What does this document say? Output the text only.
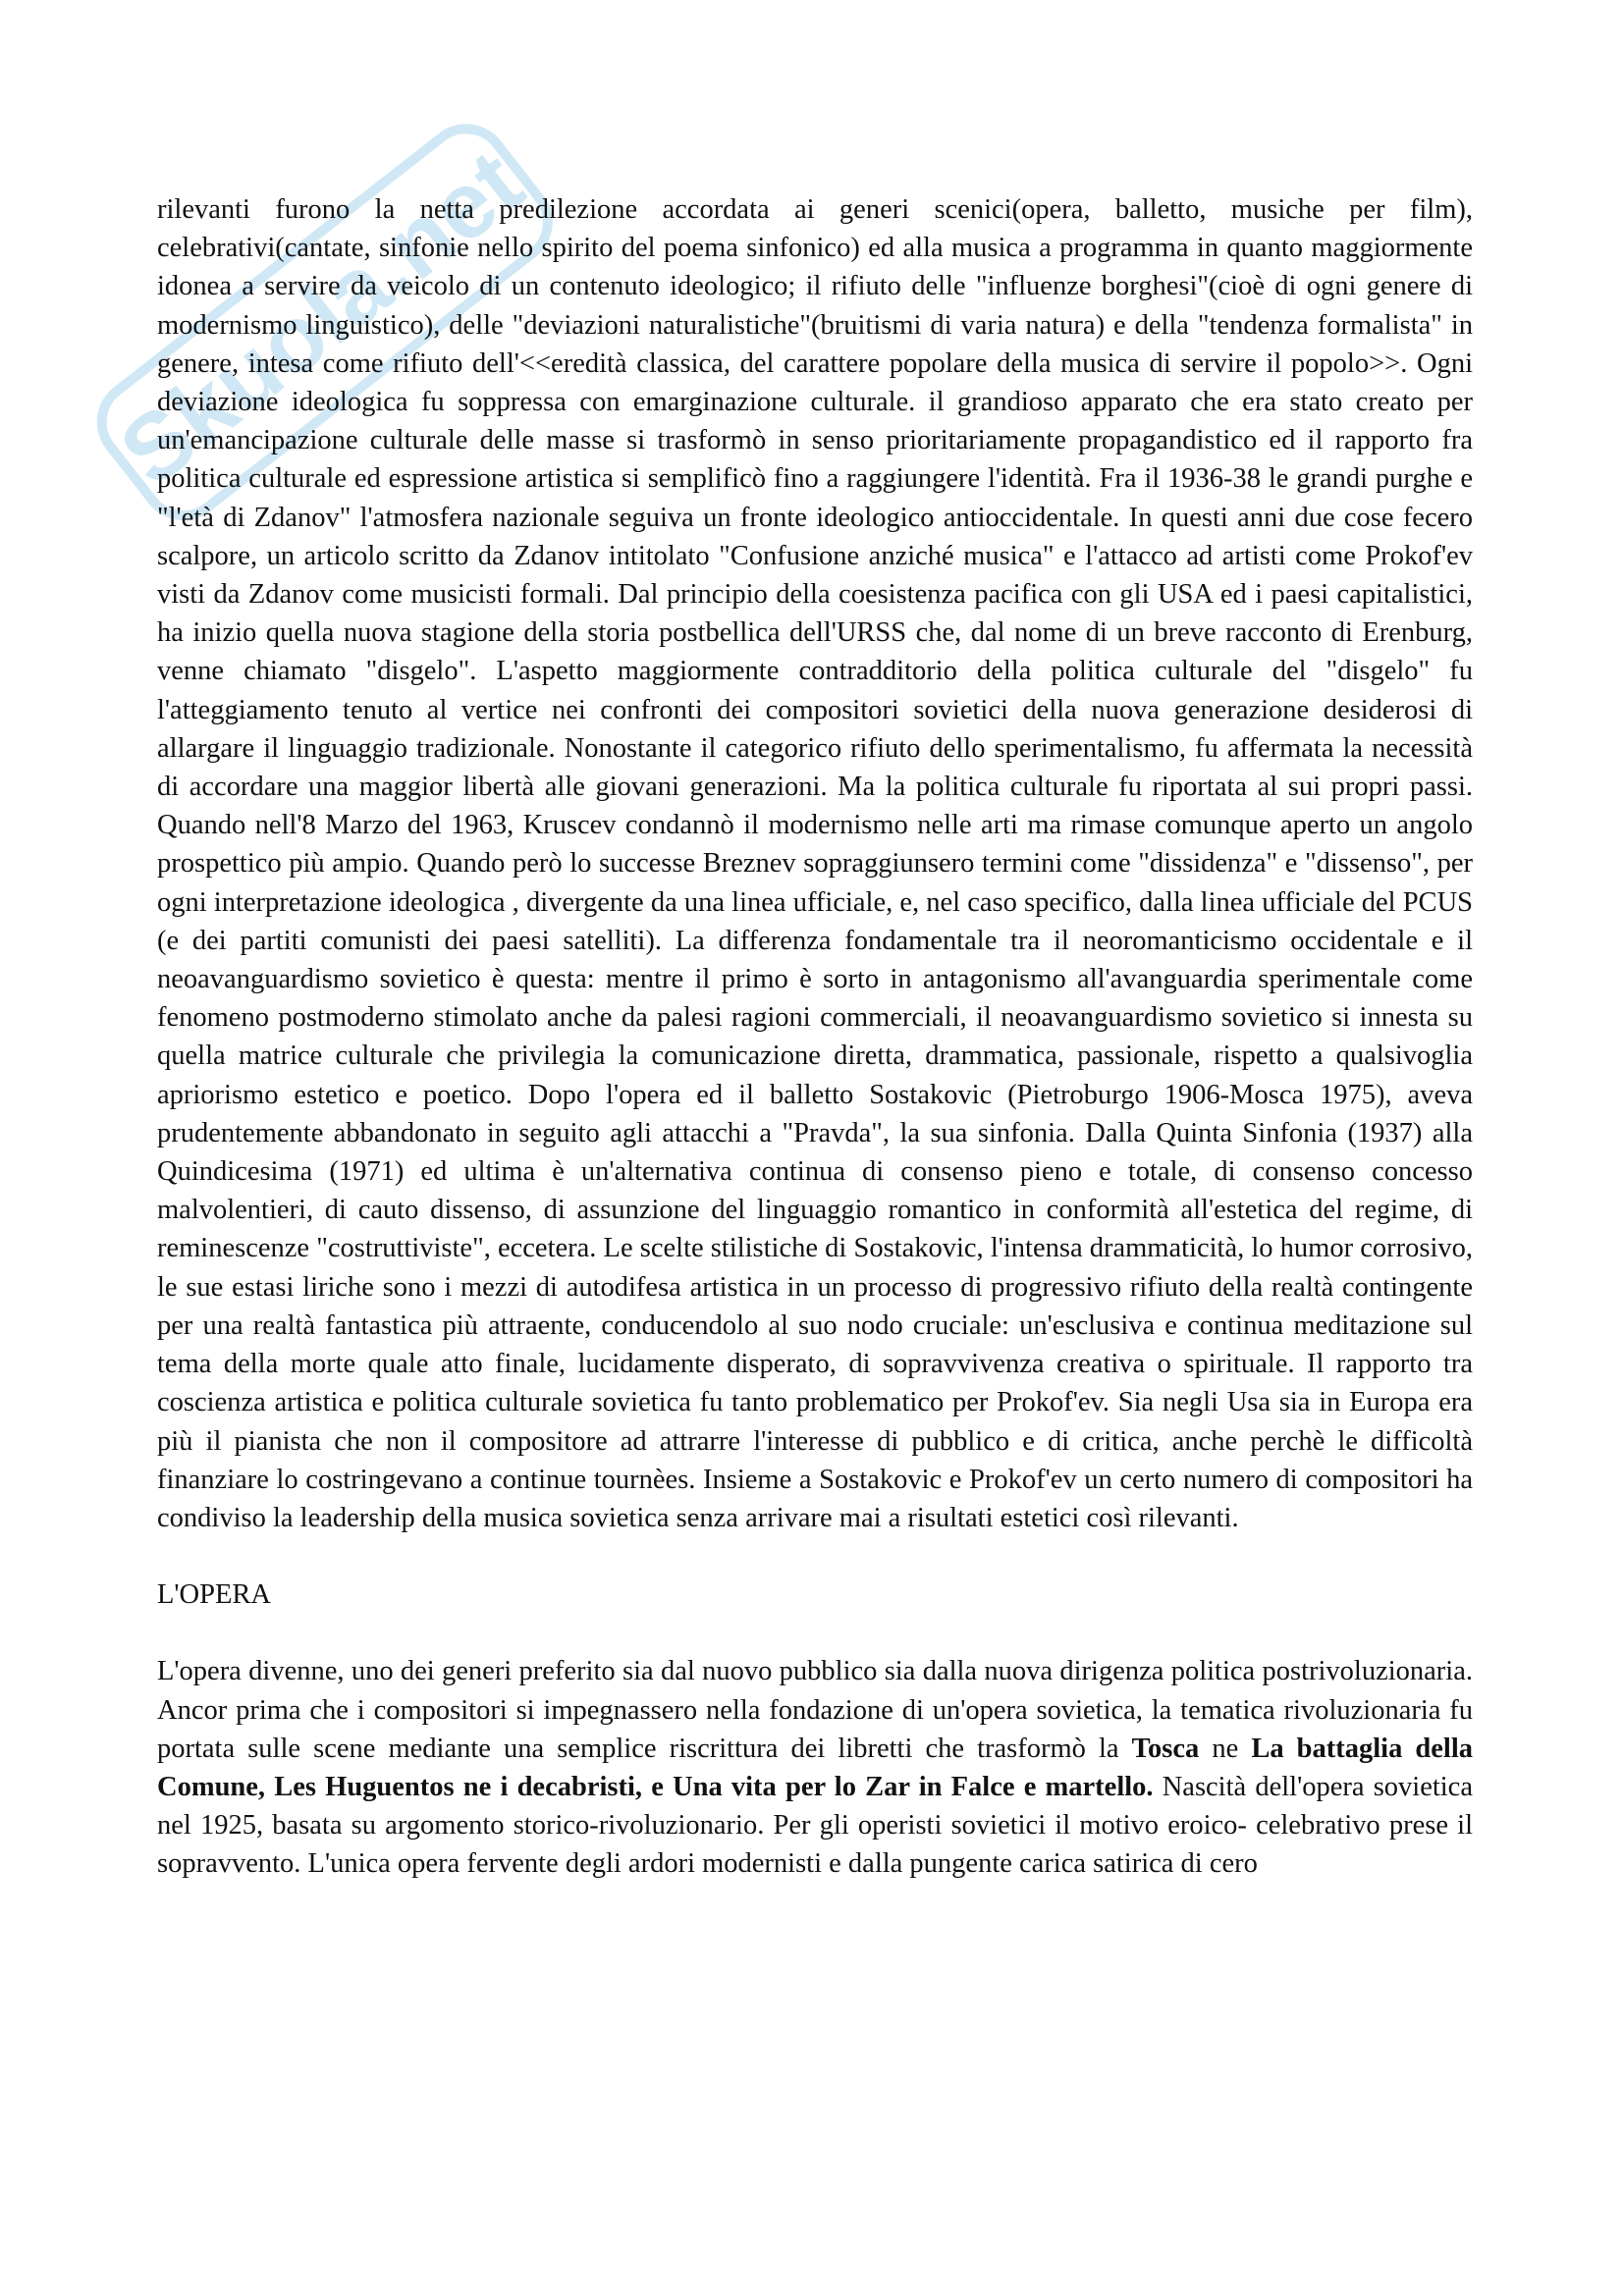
Skuola.net

rilevanti furono la netta predilezione accordata ai generi scenici(opera, balletto, musiche per film), celebrativi(cantate, sinfonie nello spirito del poema sinfonico) ed alla musica a programma in quanto maggiormente idonea a servire da veicolo di un contenuto ideologico; il rifiuto delle "influenze borghesi"(cioè di ogni genere di modernismo linguistico), delle "deviazioni naturalistiche"(bruitismi di varia natura) e della "tendenza formalista" in genere, intesa come rifiuto dell'<<eredità classica, del carattere popolare della musica di servire il popolo>>. Ogni deviazione ideologica fu soppressa con emarginazione culturale. il grandioso apparato che era stato creato per un'emancipazione culturale delle masse si trasformò in senso prioritariamente propagandistico ed il rapporto fra politica culturale ed espressione artistica si semplificò fino a raggiungere l'identità. Fra il 1936-38 le grandi purghe e "l'età di Zdanov" l'atmosfera nazionale seguiva un fronte ideologico antioccidentale. In questi anni due cose fecero scalpore, un articolo scritto da Zdanov intitolato "Confusione anziché musica" e l'attacco ad artisti come Prokof'ev visti da Zdanov come musicisti formali. Dal principio della coesistenza pacifica con gli USA ed i paesi capitalistici, ha inizio quella nuova stagione della storia postbellica dell'URSS che, dal nome di un breve racconto di Erenburg, venne chiamato "disgelo". L'aspetto maggiormente contradditorio della politica culturale del "disgelo" fu l'atteggiamento tenuto al vertice nei confronti dei compositori sovietici della nuova generazione desiderosi di allargare il linguaggio tradizionale. Nonostante il categorico rifiuto dello sperimentalismo, fu affermata la necessità di accordare una maggior libertà alle giovani generazioni. Ma la politica culturale fu riportata al sui propri passi. Quando nell'8 Marzo del 1963, Kruscev condannò il modernismo nelle arti ma rimase comunque aperto un angolo prospettico più ampio. Quando però lo successe Breznev sopraggiunsero termini come "dissidenza" e "dissenso", per ogni interpretazione ideologica , divergente da una linea ufficiale, e, nel caso specifico, dalla linea ufficiale del PCUS (e dei partiti comunisti dei paesi satelliti). La differenza fondamentale tra il neoromanticismo occidentale e il neoavanguardismo sovietico è questa: mentre il primo è sorto in antagonismo all'avanguardia sperimentale come fenomeno postmoderno stimolato anche da palesi ragioni commerciali, il neoavanguardismo sovietico si innesta su quella matrice culturale che privilegia la comunicazione diretta, drammatica, passionale, rispetto a qualsivoglia apriorismo estetico e poetico. Dopo l'opera ed il balletto Sostakovic (Pietroburgo 1906-Mosca 1975), aveva prudentemente abbandonato in seguito agli attacchi a "Pravda", la sua sinfonia. Dalla Quinta Sinfonia (1937) alla Quindicesima (1971) ed ultima è un'alternativa continua di consenso pieno e totale, di consenso concesso malvolentieri, di cauto dissenso, di assunzione del linguaggio romantico in conformità all'estetica del regime, di reminescenze "costruttiviste", eccetera. Le scelte stilistiche di Sostakovic, l'intensa drammaticità, lo humor corrosivo, le sue estasi liriche sono i mezzi di autodifesa artistica in un processo di progressivo rifiuto della realtà contingente per una realtà fantastica più attraente, conducendolo al suo nodo cruciale: un'esclusiva e continua meditazione sul tema della morte quale atto finale, lucidamente disperato, di sopravvivenza creativa o spirituale. Il rapporto tra coscienza artistica e politica culturale sovietica fu tanto problematico per Prokof'ev. Sia negli Usa sia in Europa era più il pianista che non il compositore ad attrarre l'interesse di pubblico e di critica, anche perchè le difficoltà finanziare lo costringevano a continue tournèes. Insieme a Sostakovic e Prokof'ev un certo numero di compositori ha condiviso la leadership della musica sovietica senza arrivare mai a risultati estetici così rilevanti.

L'OPERA

L'opera divenne, uno dei generi preferito sia dal nuovo pubblico sia dalla nuova dirigenza politica postrivoluzionaria. Ancor prima che i compositori si impegnassero nella fondazione di un'opera sovietica, la tematica rivoluzionaria fu portata sulle scene mediante una semplice riscrittura dei libretti che trasformò la Tosca ne La battaglia della Comune, Les Huguentos ne i decabristi, e Una vita per lo Zar in Falce e martello. Nascità dell'opera sovietica nel 1925, basata su argomento storico-rivoluzionario. Per gli operisti sovietici il motivo eroico- celebrativo prese il sopravvento. L'unica opera fervente degli ardori modernisti e dalla pungente carica satirica di cero
